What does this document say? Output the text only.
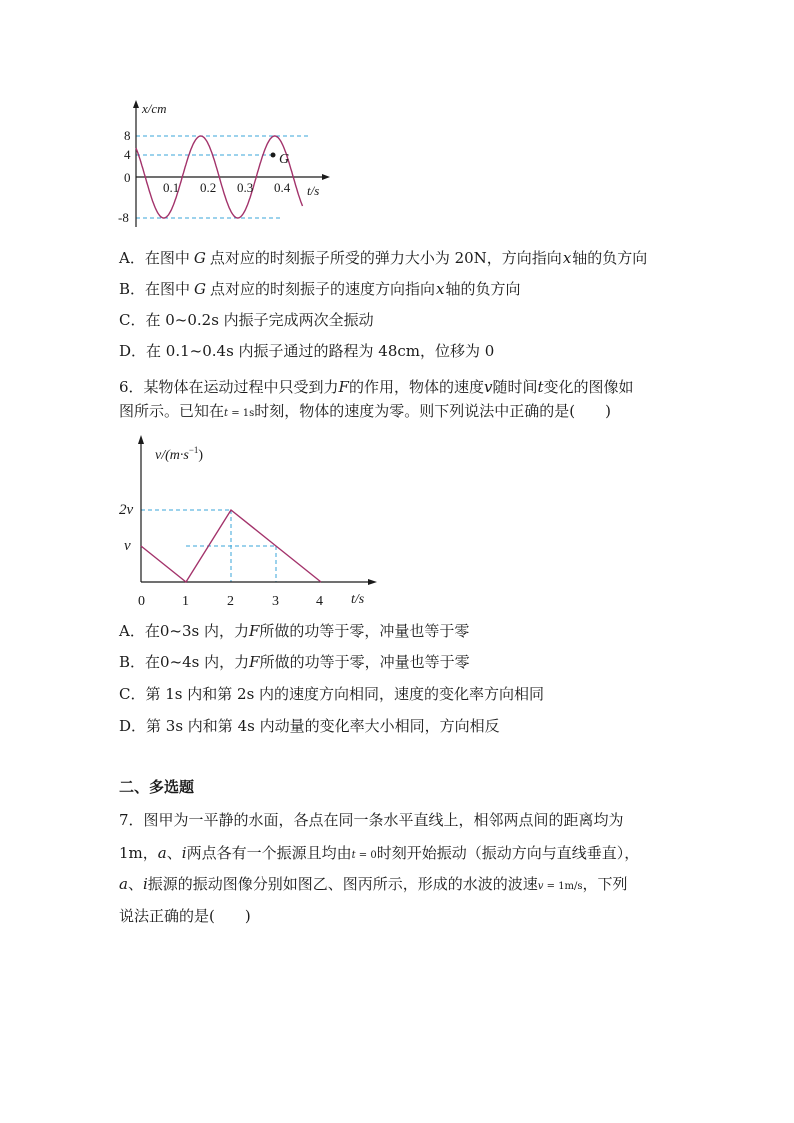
G
x/cm
t/s
8
4
0
-8
0.1 0.2 0.3 0.4
A．在图中 G 点对应的时刻振子所受的弹力大小为 20N，方向指向x轴的负方向
B．在图中 G 点对应的时刻振子的速度方向指向x轴的负方向
C．在 0~0.2s 内振子完成两次全振动
D．在 0.1~0.4s 内振子通过的路程为 48cm，位移为 0
6．某物体在运动过程中只受到力F的作用，物体的速度v随时间t变化的图像如
图所示。已知在t = 1s时刻，物体的速度为零。则下列说法中正确的是(　　)
$v/(m\cdot s^{-1})$
2v
v
0	1	2	3	4 t/s
A．在0~3s 内，力F所做的功等于零，冲量也等于零
B．在0~4s 内，力F所做的功等于零，冲量也等于零
C．第 1s 内和第 2s 内的速度方向相同，速度的变化率方向相同
D．第 3s 内和第 4s 内动量的变化率大小相同，方向相反
二、多选题
7．图甲为一平静的水面，各点在同一条水平直线上，相邻两点间的距离均为
1m，a、i两点各有一个振源且均由t = 0时刻开始振动（振动方向与直线垂直），
a、i振源的振动图像分别如图乙、图丙所示，形成的水波的波速v = 1m/s，下列
说法正确的是(　　)
